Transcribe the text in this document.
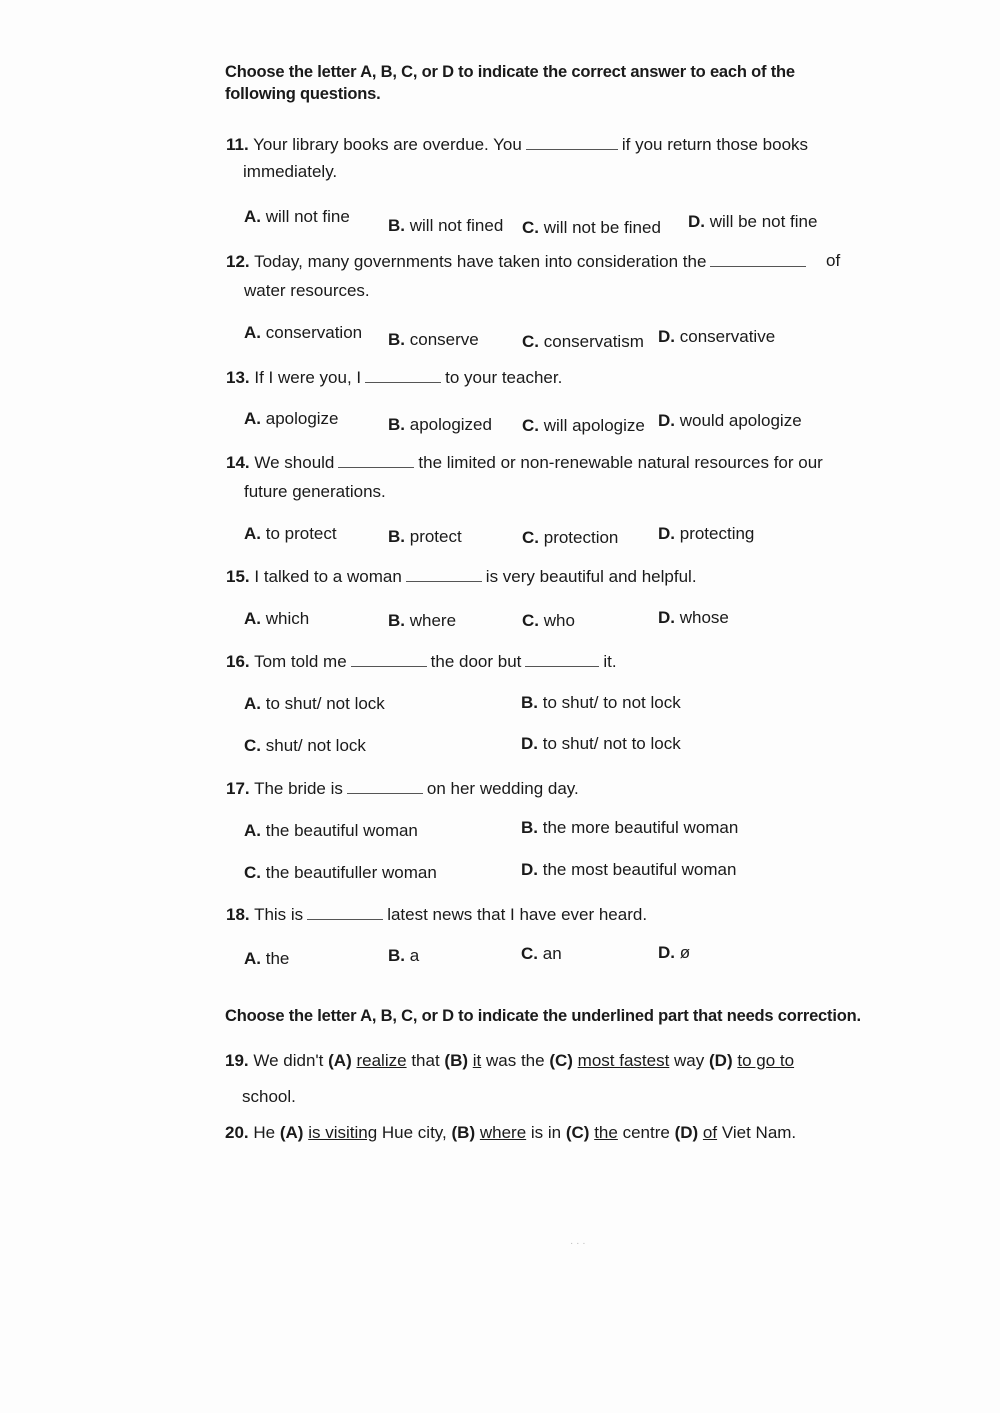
Choose the letter A, B, C, or D to indicate the correct answer to each of the
following questions.
11. Your library books are overdue. You	if you return those books
immediately.
A. will not fine B. will not fined C. will not be fined D. will be not fine
12. Today, many governments have taken into consideration the	of
water resources.
A. conservation B. conserve	C. conservatism D. conservative
13. If I were you, I	to your teacher.
A. apologize	B. apologized C. will apologize D. would apologize
14. We should	the limited or non-renewable natural resources for our
future generations.
A. to protect	B. protect	C. protection D. protecting
15. I talked to a woman	is very beautiful and helpful.
A. which	B. where	C. who	D. whose
16. Tom told me	the door but	it.
A. to shut/ not lock	B. to shut/ to not lock
C. shut/ not lock	D. to shut/ not to lock
17. The bride is	on her wedding day.
A. the beautiful woman	B. the more beautiful woman
C. the beautifuller woman	D. the most beautiful woman
18. This is	latest news that I have ever heard.
A. the	B. a	C. an	D. ø
Choose the letter A, B, C, or D to indicate the underlined part that needs correction.
19. We didn't (A) realize that (B) it was the (C) most fastest way (D) to go to
school.
20. He (A) is visiting Hue city, (B) where is in (C) the centre (D) of Viet Nam.
· · ·
